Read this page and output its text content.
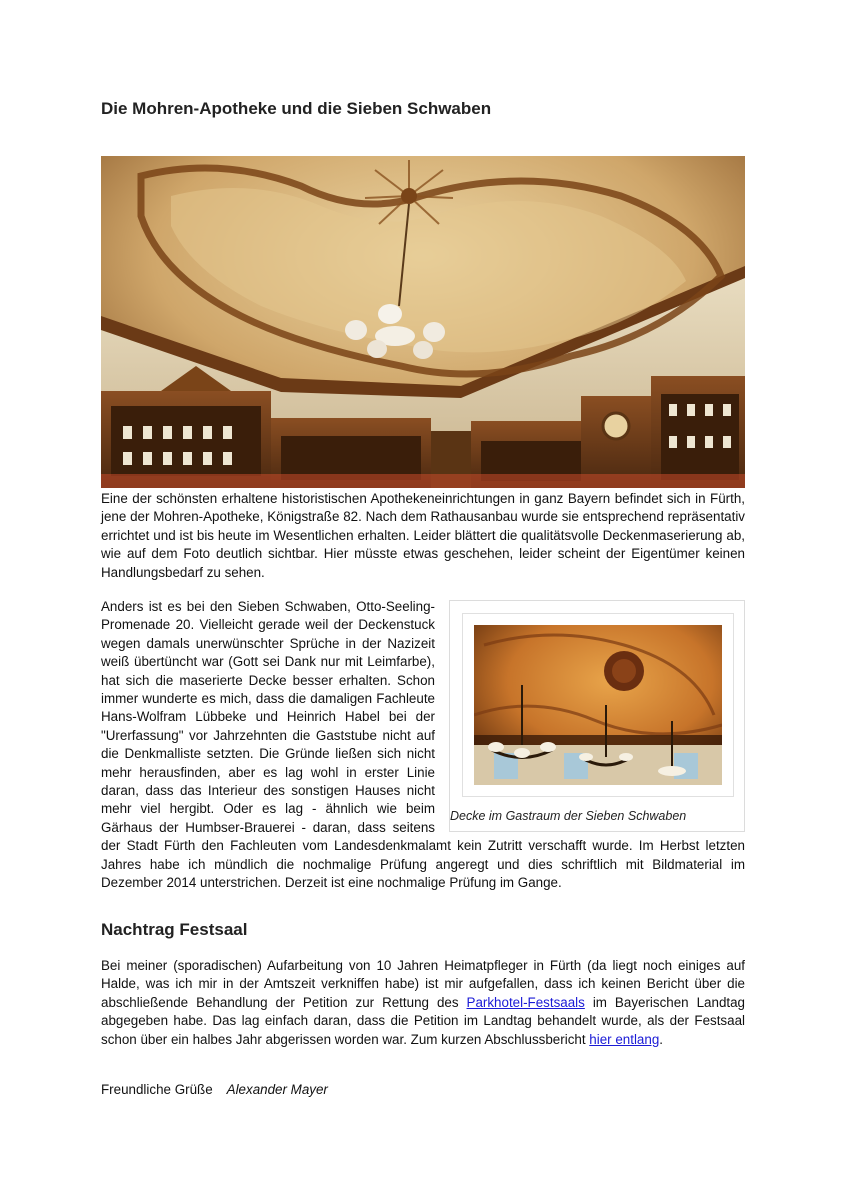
Die Mohren-Apotheke und die Sieben Schwaben

Eine der schönsten erhaltene historistischen Apothekeneinrichtungen in ganz Bayern befindet sich in Fürth, jene der Mohren-Apotheke, Königstraße 82. Nach dem Rathausanbau wurde sie entsprechend repräsentativ errichtet und ist bis heute im Wesentlichen erhalten. Leider blättert die qualitätsvolle Deckenmaserierung ab, wie auf dem Foto deutlich sichtbar. Hier müsste etwas geschehen, leider scheint der Eigentümer keinen Handlungsbedarf zu sehen.

Decke im Gastraum der Sieben Schwaben

Anders ist es bei den Sieben Schwaben, Otto-Seeling-Promenade 20. Vielleicht gerade weil der Deckenstuck wegen damals unerwünschter Sprüche in der Nazizeit weiß übertüncht war (Gott sei Dank nur mit Leimfarbe), hat sich die maserierte Decke besser erhalten. Schon immer wunderte es mich, dass die damaligen Fachleute Hans-Wolfram Lübbeke und Heinrich Habel bei der "Urerfassung" vor Jahrzehnten die Gaststube nicht auf die Denkmalliste setzten. Die Gründe ließen sich nicht mehr herausfinden, aber es lag wohl in erster Linie daran, dass das Interieur des sonstigen Hauses nicht mehr viel hergibt. Oder es lag - ähnlich wie beim Gärhaus der Humbser-Brauerei - daran, dass seitens der Stadt Fürth den Fachleuten vom Landesdenkmalamt kein Zutritt verschafft wurde. Im Herbst letzten Jahres habe ich mündlich die nochmalige Prüfung angeregt und dies schriftlich mit Bildmaterial im Dezember 2014 unterstrichen. Derzeit ist eine nochmalige Prüfung im Gange.

Nachtrag Festsaal

Bei meiner (sporadischen) Aufarbeitung von 10 Jahren Heimatpfleger in Fürth (da liegt noch einiges auf Halde, was ich mir in der Amtszeit verkniffen habe) ist mir aufgefallen, dass ich keinen Bericht über die abschließende Behandlung der Petition zur Rettung des Parkhotel-Festsaals im Bayerischen Landtag abgegeben habe. Das lag einfach daran, dass die Petition im Landtag behandelt wurde, als der Festsaal schon über ein halbes Jahr abgerissen worden war. Zum kurzen Abschlussbericht hier entlang.

Freundliche Grüße Alexander Mayer
